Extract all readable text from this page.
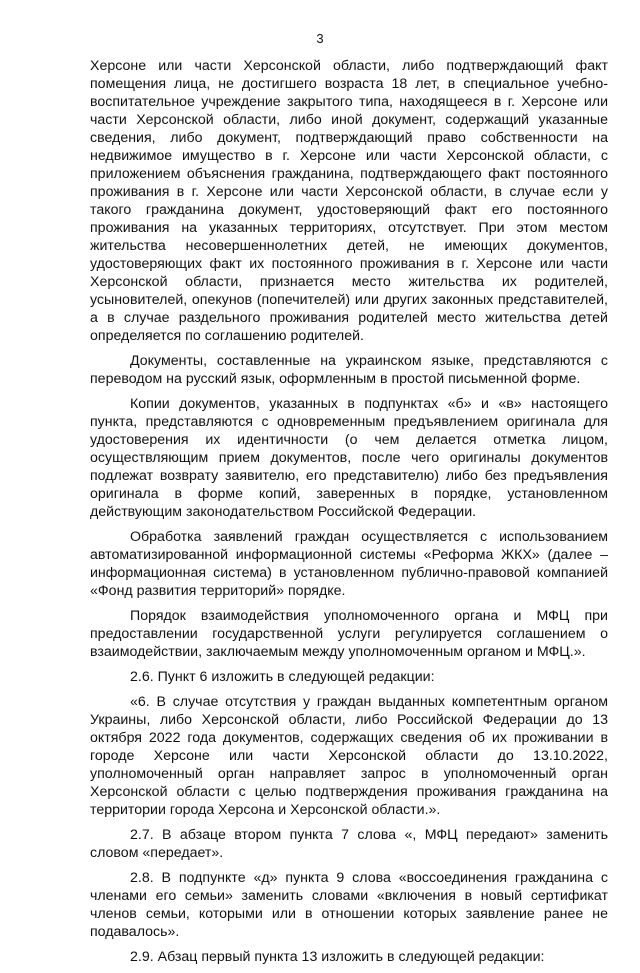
3

Херсоне или части Херсонской области, либо подтверждающий факт помещения лица, не достигшего возраста 18 лет, в специальное учебно-воспитательное учреждение закрытого типа, находящееся в г. Херсоне или части Херсонской области, либо иной документ, содержащий указанные сведения, либо документ, подтверждающий право собственности на недвижимое имущество в г. Херсоне или части Херсонской области, с приложением объяснения гражданина, подтверждающего факт постоянного проживания в г. Херсоне или части Херсонской области, в случае если у такого гражданина документ, удостоверяющий факт его постоянного проживания на указанных территориях, отсутствует. При этом местом жительства несовершеннолетних детей, не имеющих документов, удостоверяющих факт их постоянного проживания в г. Херсоне или части Херсонской области, признается место жительства их родителей, усыновителей, опекунов (попечителей) или других законных представителей, а в случае раздельного проживания родителей место жительства детей определяется по соглашению родителей.

Документы, составленные на украинском языке, представляются с переводом на русский язык, оформленным в простой письменной форме.

Копии документов, указанных в подпунктах «б» и «в» настоящего пункта, представляются с одновременным предъявлением оригинала для удостоверения их идентичности (о чем делается отметка лицом, осуществляющим прием документов, после чего оригиналы документов подлежат возврату заявителю, его представителю) либо без предъявления оригинала в форме копий, заверенных в порядке, установленном действующим законодательством Российской Федерации.

Обработка заявлений граждан осуществляется с использованием автоматизированной информационной системы «Реформа ЖКХ» (далее – информационная система) в установленном публично-правовой компанией «Фонд развития территорий» порядке.

Порядок взаимодействия уполномоченного органа и МФЦ при предоставлении государственной услуги регулируется соглашением о взаимодействии, заключаемым между уполномоченным органом и МФЦ.».

2.6. Пункт 6 изложить в следующей редакции:

«6. В случае отсутствия у граждан выданных компетентным органом Украины, либо Херсонской области, либо Российской Федерации до 13 октября 2022 года документов, содержащих сведения об их проживании в городе Херсоне или части Херсонской области до 13.10.2022, уполномоченный орган направляет запрос в уполномоченный орган Херсонской области с целью подтверждения проживания гражданина на территории города Херсона и Херсонской области.».

2.7. В абзаце втором пункта 7 слова «, МФЦ передают» заменить словом «передает».

2.8. В подпункте «д» пункта 9 слова «воссоединения гражданина с членами его семьи» заменить словами «включения в новый сертификат членов семьи, которыми или в отношении которых заявление ранее не подавалось».

2.9. Абзац первый пункта 13 изложить в следующей редакции:
